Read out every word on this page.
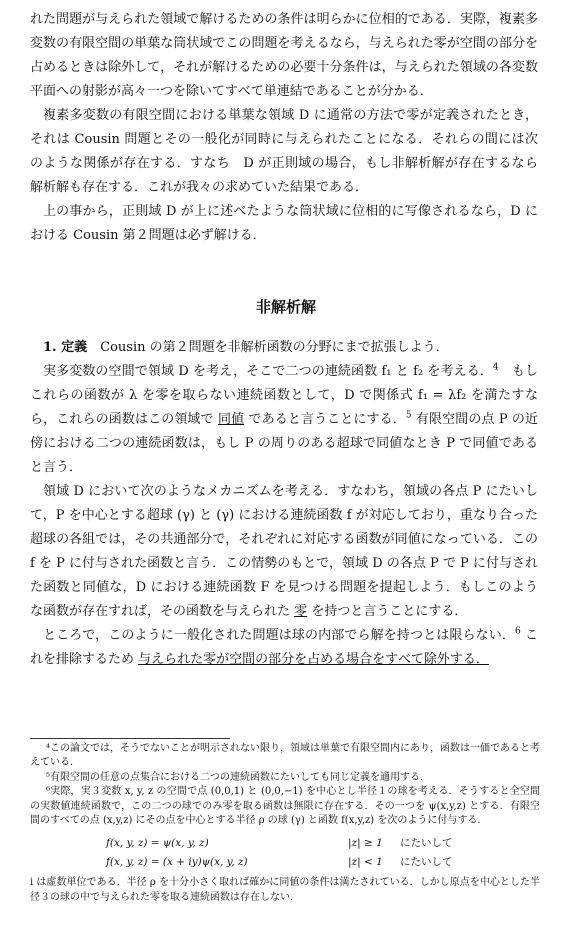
れた問題が与えられた領域で解けるための条件は明らかに位相的である．実際，複素多変数の有限空間の単葉な筒状域でこの問題を考えるなら，与えられた零が空間の部分を占めるときは除外して，それが解けるための必要十分条件は，与えられた領域の各変数平面への射影が高々一つを除いてすべて単連結であることが分かる．

複素多変数の有限空間における単葉な領域 D に通常の方法で零が定義されたとき，それは Cousin 問題とその一般化が同時に与えられたことになる．それらの間には次のような関係が存在する．すなち　D が正則域の場合，もし非解析解が存在するなら解析解も存在する．これが我々の求めていた結果である．

上の事から，正則域 D が上に述べたような筒状域に位相的に写像されるなら，D における Cousin 第２問題は必ず解ける．

非解析解

1. 定義　 Cousin の第２問題を非解析函数の分野にまで拡張しよう．

実多変数の空間で領域 D を考え，そこで二つの連続函数 f₁ と f₂ を考える．$^4$　 もしこれらの函数が λ を零を取らない連続函数として，D で関係式 f₁ = λf₂ を満たすなら，これらの函数はこの領域で 同値 であると言うことにする．$^5$ 有限空間の点 P の近傍における二つの連続函数は，もし P の周りのある超球で同値なとき P で同値であると言う．

領域 D において次のようなメカニズムを考える．すなわち，領域の各点 P にたいして，P を中心とする超球 (γ) と (γ) における連続函数 f が対応しており，重なり合った超球の各組では，その共通部分で，それぞれに対応する函数が同値になっている．この f を P に付与された函数と言う．この情勢のもとで，領域 D の各点 P で P に付与された函数と同値な，D における連続函数 F を見つける問題を提起しよう．もしこのような函数が存在すれば，その函数を与えられた 零 を持つと言うことにする．

ところで，このように一般化された問題は球の内部でら解を持つとは限らない．$^6$ これを排除するため 与えられた零が空間の部分を占める場合をすべて除外する．

⁴この論文では，そうでないことが明示されない限り，領域は単葉で有限空間内にあり，函数は一価であると考えている．

⁵有限空間の任意の点集合における二つの連続函数にたいしても同じ定義を適用する．

⁶実際，実３変数 x, y, z の空間で点 (0,0,1) と (0,0,−1) を中心とし半径１の球を考える．そうすると全空間の実数値連続函数で，この二つの球でのみ零を取る函数は無限に存在する．その一つを ψ(x,y,z) とする．有限空間のすべての点 (x,y,z) にその点を中心とする半径 ρ の球 (γ) と函数 f(x,y,z) を次のように付与する．

f(x, y, z) = ψ(x, y, z)	|z| ≥ 1 にたいして
f(x, y, z) = (x + iy)ψ(x, y, z)	|z| < 1 にたいして

i は虚数単位である．半径 ρ を十分小さく取れば確かに同値の条件は満たされている．しかし原点を中心とした半径３の球の中で与えられた零を取る連続函数は存在しない．
